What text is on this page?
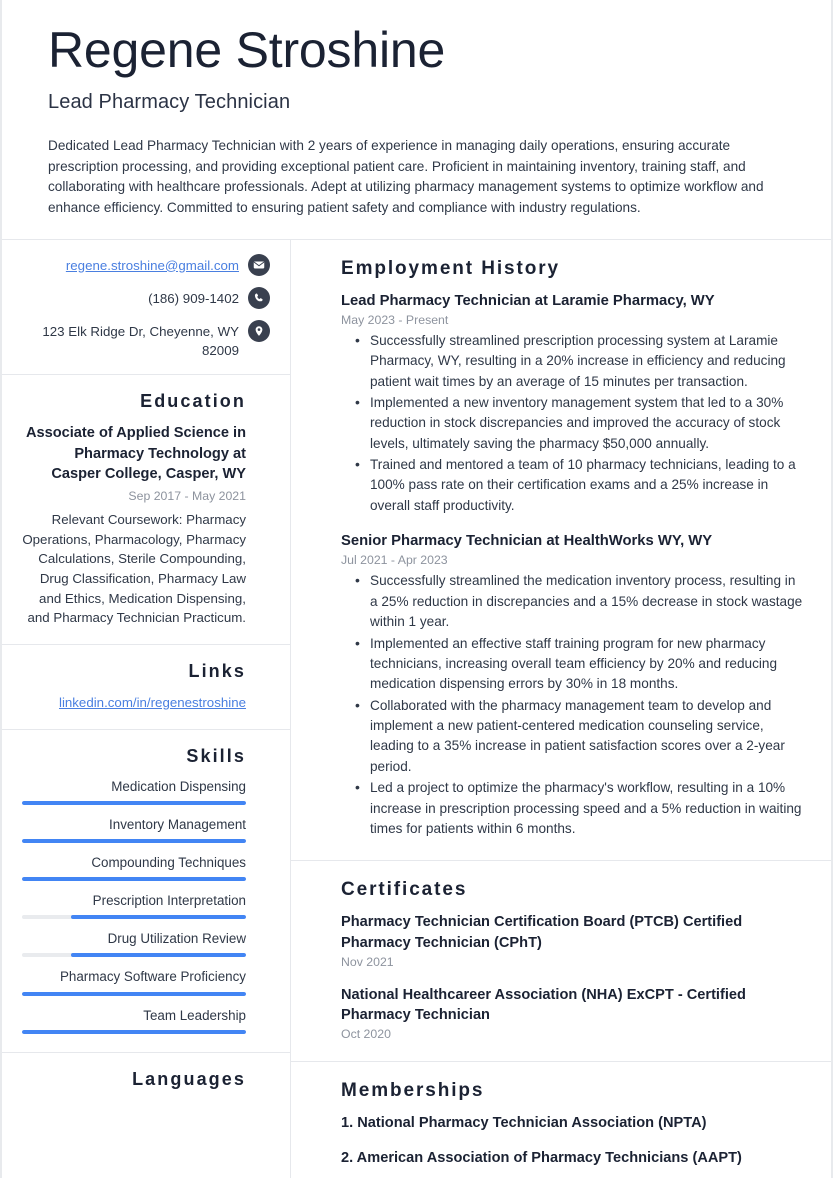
Regene Stroshine
Lead Pharmacy Technician
Dedicated Lead Pharmacy Technician with 2 years of experience in managing daily operations, ensuring accurate prescription processing, and providing exceptional patient care. Proficient in maintaining inventory, training staff, and collaborating with healthcare professionals. Adept at utilizing pharmacy management systems to optimize workflow and enhance efficiency. Committed to ensuring patient safety and compliance with industry regulations.
regene.stroshine@gmail.com
(186) 909-1402
123 Elk Ridge Dr, Cheyenne, WY 82009
Education
Associate of Applied Science in Pharmacy Technology at Casper College, Casper, WY
Sep 2017 - May 2021
Relevant Coursework: Pharmacy Operations, Pharmacology, Pharmacy Calculations, Sterile Compounding, Drug Classification, Pharmacy Law and Ethics, Medication Dispensing, and Pharmacy Technician Practicum.
Links
linkedin.com/in/regenestroshine
Skills
Medication Dispensing
Inventory Management
Compounding Techniques
Prescription Interpretation
Drug Utilization Review
Pharmacy Software Proficiency
Team Leadership
Languages
Employment History
Lead Pharmacy Technician at Laramie Pharmacy, WY
May 2023 - Present
• Successfully streamlined prescription processing system at Laramie Pharmacy, WY, resulting in a 20% increase in efficiency and reducing patient wait times by an average of 15 minutes per transaction.
• Implemented a new inventory management system that led to a 30% reduction in stock discrepancies and improved the accuracy of stock levels, ultimately saving the pharmacy $50,000 annually.
• Trained and mentored a team of 10 pharmacy technicians, leading to a 100% pass rate on their certification exams and a 25% increase in overall staff productivity.
Senior Pharmacy Technician at HealthWorks WY, WY
Jul 2021 - Apr 2023
• Successfully streamlined the medication inventory process, resulting in a 25% reduction in discrepancies and a 15% decrease in stock wastage within 1 year.
• Implemented an effective staff training program for new pharmacy technicians, increasing overall team efficiency by 20% and reducing medication dispensing errors by 30% in 18 months.
• Collaborated with the pharmacy management team to develop and implement a new patient-centered medication counseling service, leading to a 35% increase in patient satisfaction scores over a 2-year period.
• Led a project to optimize the pharmacy's workflow, resulting in a 10% increase in prescription processing speed and a 5% reduction in waiting times for patients within 6 months.
Certificates
Pharmacy Technician Certification Board (PTCB) Certified Pharmacy Technician (CPhT)
Nov 2021
National Healthcareer Association (NHA) ExCPT - Certified Pharmacy Technician
Oct 2020
Memberships
1. National Pharmacy Technician Association (NPTA)
2. American Association of Pharmacy Technicians (AAPT)
